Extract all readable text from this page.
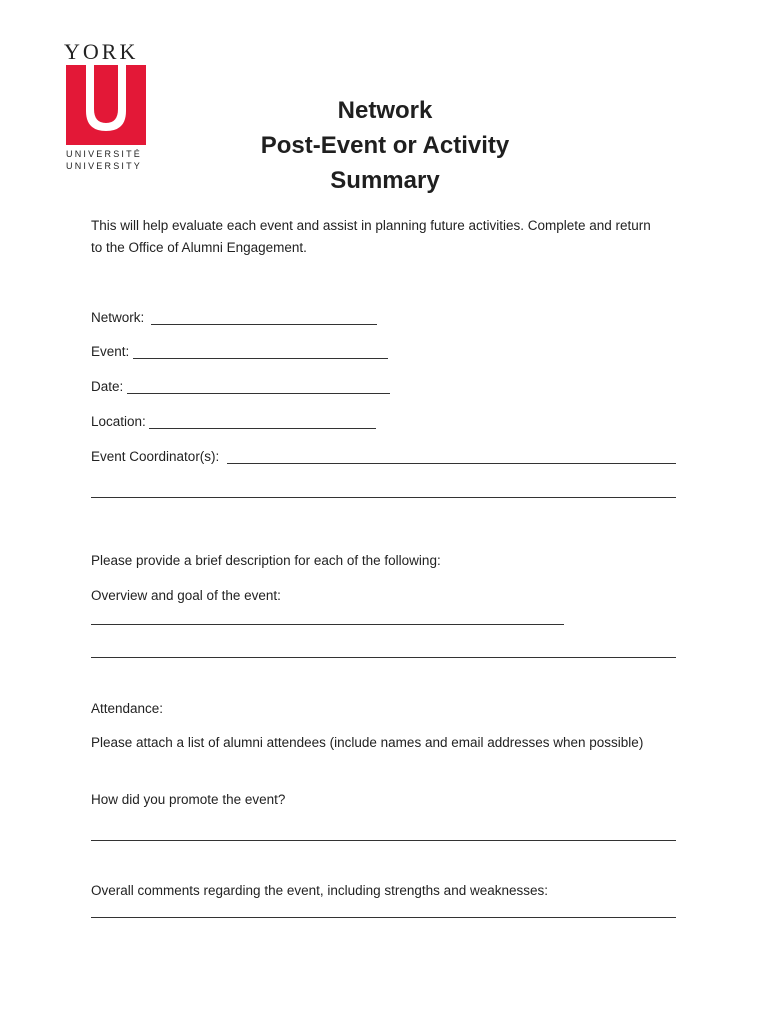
YORK
UNIVERSITÉ
UNIVERSITY
Network
Post-Event or Activity
Summary
This will help evaluate each event and assist in planning future activities. Complete and return
to the Office of Alumni Engagement.
Network:
Event:
Date:
Location:
Event Coordinator(s):
Please provide a brief description for each of the following:
Overview and goal of the event:
Attendance:
Please attach a list of alumni attendees (include names and email addresses when possible)
How did you promote the event?
Overall comments regarding the event, including strengths and weaknesses:
